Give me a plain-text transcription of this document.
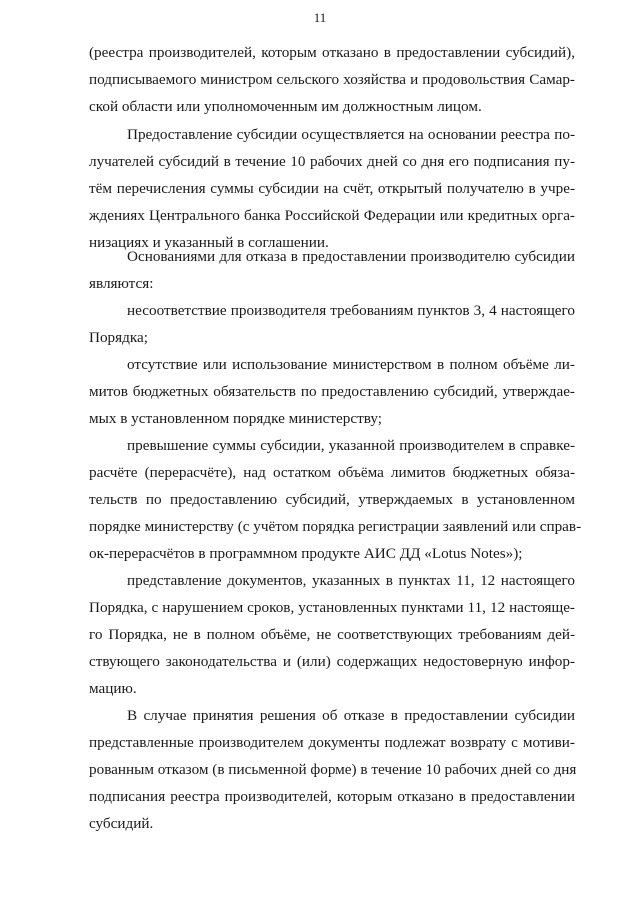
11
(реестра производителей, которым отказано в предоставлении субсидий),
подписываемого министром сельского хозяйства и продовольствия Самар-
ской области или уполномоченным им должностным лицом.
Предоставление субсидии осуществляется на основании реестра по-
лучателей субсидий в течение 10 рабочих дней со дня его подписания пу-
тём перечисления суммы субсидии на счёт, открытый получателю в учре-
ждениях Центрального банка Российской Федерации или кредитных орга-
низациях и указанный в соглашении.
Основаниями для отказа в предоставлении производителю субсидии
являются:
несоответствие производителя требованиям пунктов 3, 4 настоящего
Порядка;
отсутствие или использование министерством в полном объёме ли-
митов бюджетных обязательств по предоставлению субсидий, утверждае-
мых в установленном порядке министерству;
превышение суммы субсидии, указанной производителем в справке-
расчёте (перерасчёте), над остатком объёма лимитов бюджетных обяза-
тельств по предоставлению субсидий, утверждаемых в установленном
порядке министерству (с учётом порядка регистрации заявлений или справ-
ок-перерасчётов в программном продукте АИС ДД «Lotus Notes»);
представление документов, указанных в пунктах 11, 12 настоящего
Порядка, с нарушением сроков, установленных пунктами 11, 12 настояще-
го Порядка, не в полном объёме, не соответствующих требованиям дей-
ствующего законодательства и (или) содержащих недостоверную инфор-
мацию.
В случае принятия решения об отказе в предоставлении субсидии
представленные производителем документы подлежат возврату с мотиви-
рованным отказом (в письменной форме) в течение 10 рабочих дней со дня
подписания реестра производителей, которым отказано в предоставлении
субсидий.
